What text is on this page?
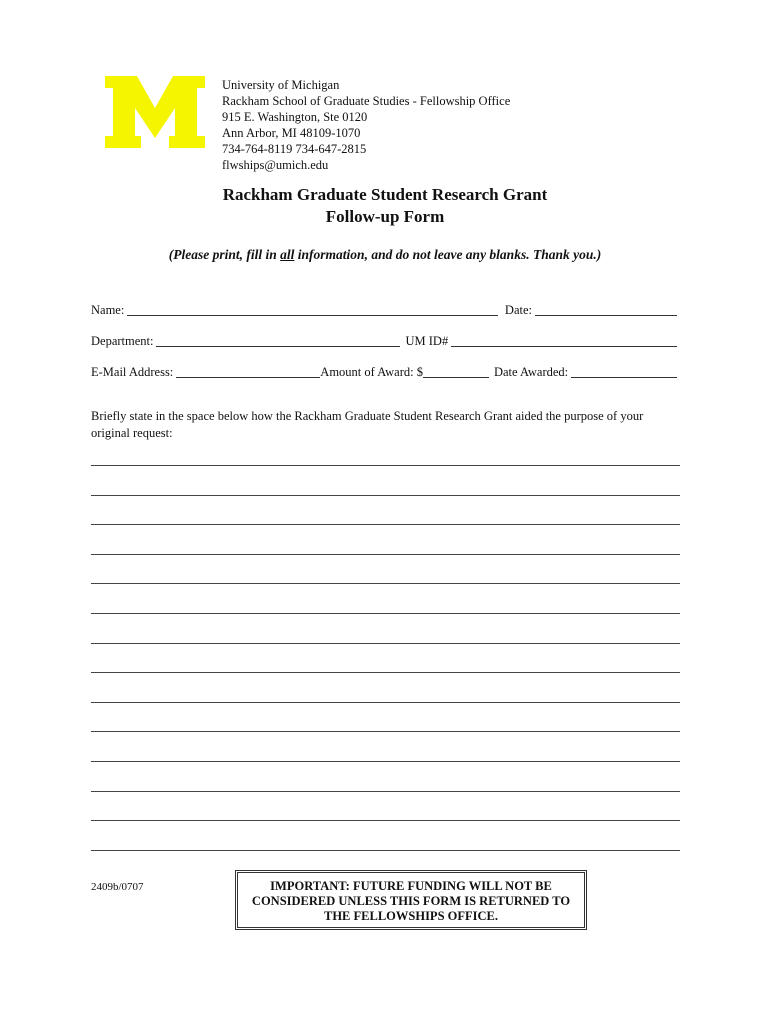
University of Michigan
Rackham School of Graduate Studies - Fellowship Office
915 E. Washington, Ste 0120
Ann Arbor, MI 48109-1070
734-764-8119 734-647-2815
flwships@umich.edu
Rackham Graduate Student Research Grant
Follow-up Form
(Please print, fill in all information, and do not leave any blanks. Thank you.)
Name:	Date:
Department:	UM ID#
E-Mail Address:	Amount of Award: $	Date Awarded:
Briefly state in the space below how the Rackham Graduate Student Research Grant aided the purpose of your original request:
2409b/0707	IMPORTANT: FUTURE FUNDING WILL NOT BE
CONSIDERED UNLESS THIS FORM IS RETURNED TO
THE FELLOWSHIPS OFFICE.
